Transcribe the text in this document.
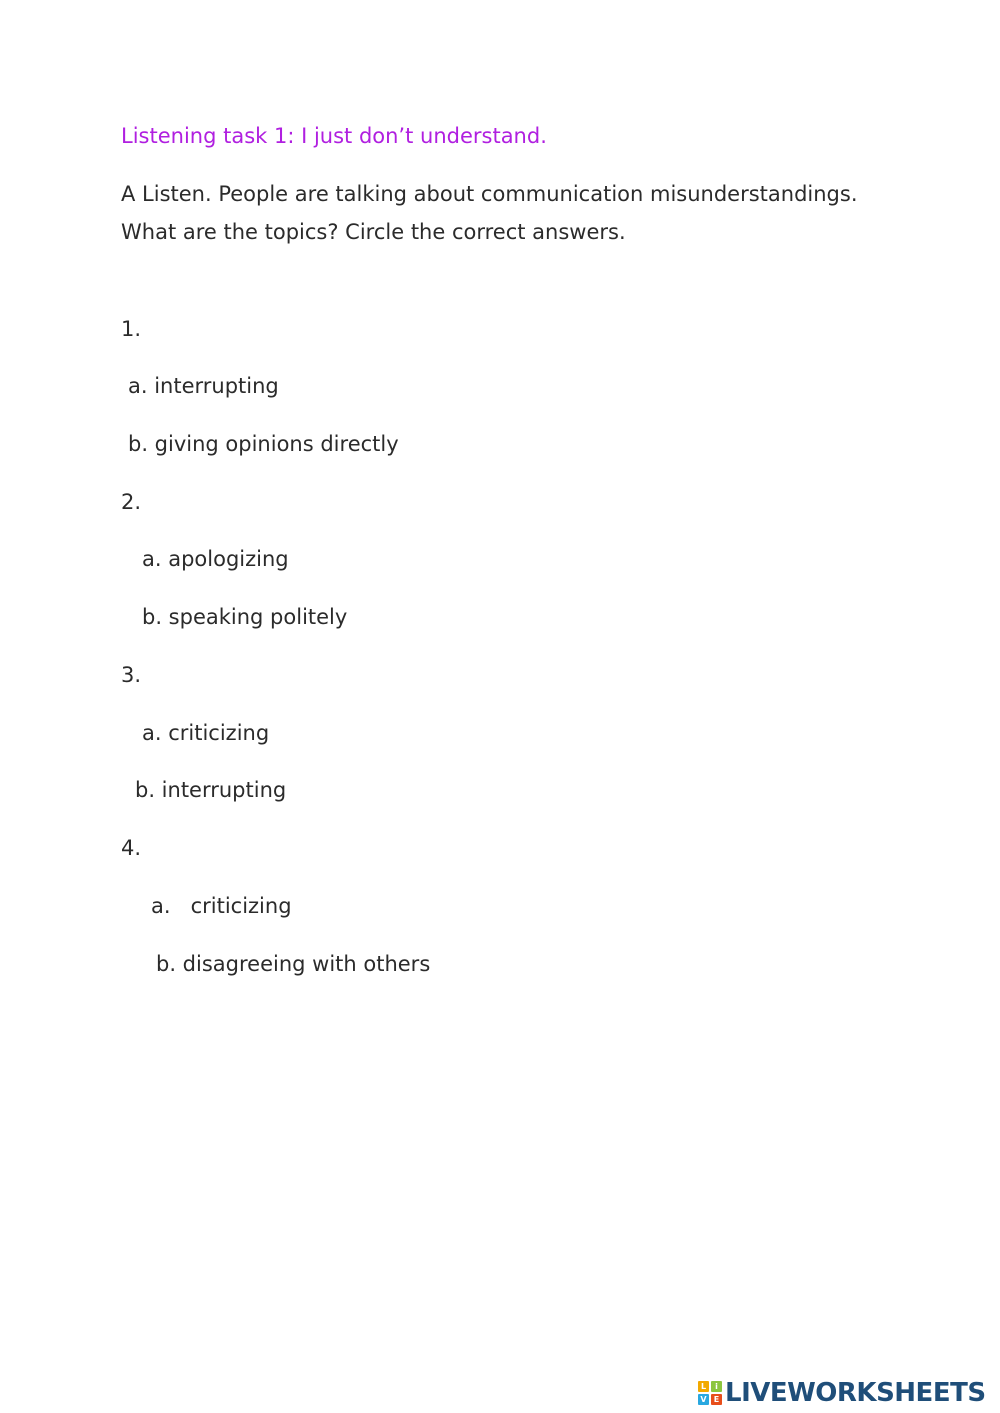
Listening task 1: I just don’t understand.
A Listen. People are talking about communication misunderstandings.
What are the topics? Circle the correct answers.
1.
a. interrupting
b. giving opinions directly
2.
a. apologizing
b. speaking politely
3.
a. criticizing
b. interrupting
4.
a.   criticizing
b. disagreeing with others
L	i
V E LIVEWORKSHEETS
